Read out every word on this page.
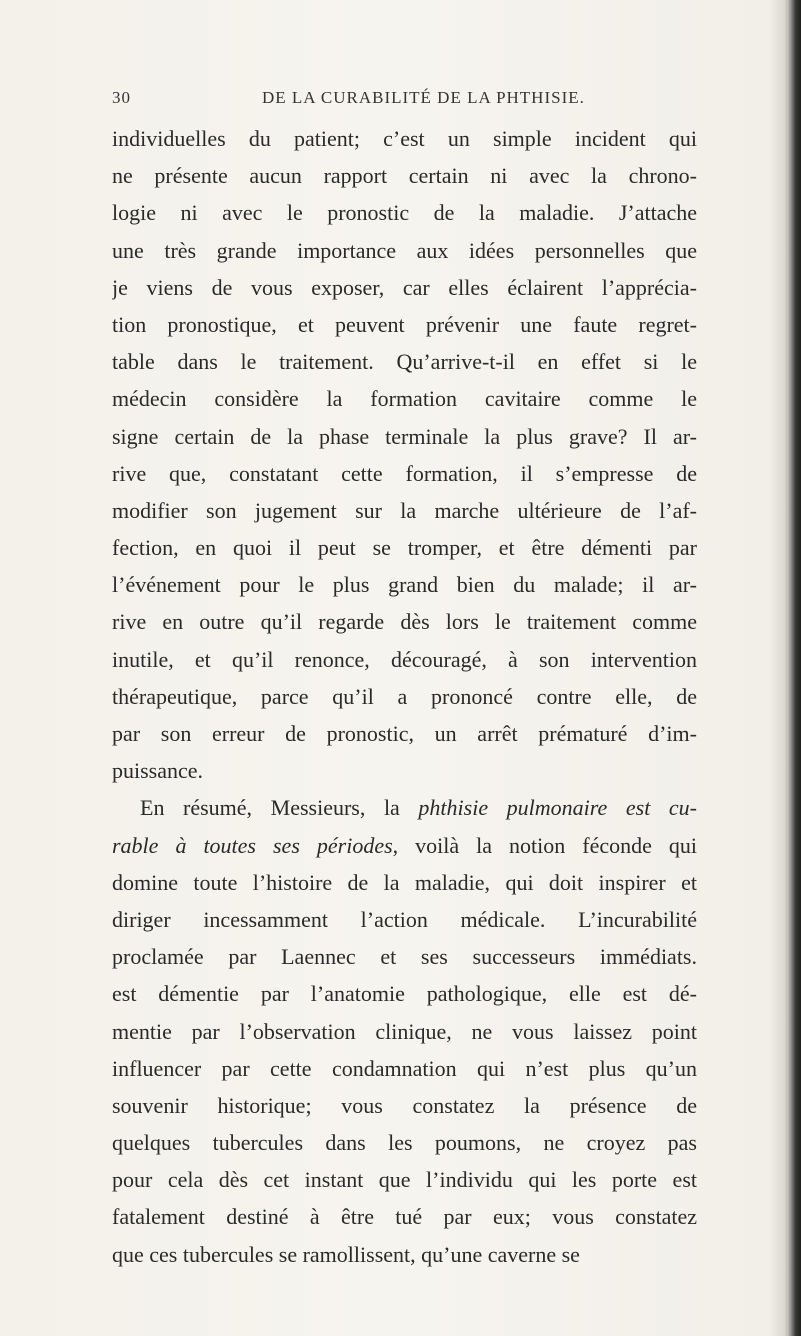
30	DE LA CURABILITÉ DE LA PHTHISIE.
individuelles du patient; c’est un simple incident qui
ne présente aucun rapport certain ni avec la chrono-
logie ni avec le pronostic de la maladie. J’attache
une très grande importance aux idées personnelles que
je viens de vous exposer, car elles éclairent l’apprécia-
tion pronostique, et peuvent prévenir une faute regret-
table dans le traitement. Qu’arrive-t-il en effet si le
médecin considère la formation cavitaire comme le
signe certain de la phase terminale la plus grave? Il ar-
rive que, constatant cette formation, il s’empresse de
modifier son jugement sur la marche ultérieure de l’af-
fection, en quoi il peut se tromper, et être démenti par
l’événement pour le plus grand bien du malade; il ar-
rive en outre qu’il regarde dès lors le traitement comme
inutile, et qu’il renonce, découragé, à son intervention
thérapeutique, parce qu’il a prononcé contre elle, de
par son erreur de pronostic, un arrêt prématuré d’im-
puissance.
En résumé, Messieurs, la phthisie pulmonaire est cu-
rable à toutes ses périodes, voilà la notion féconde qui
domine toute l’histoire de la maladie, qui doit inspirer et
diriger incessamment l’action médicale. L’incurabilité
proclamée par Laennec et ses successeurs immédiats.
est démentie par l’anatomie pathologique, elle est dé-
mentie par l’observation clinique, ne vous laissez point
influencer par cette condamnation qui n’est plus qu’un
souvenir historique; vous constatez la présence de
quelques tubercules dans les poumons, ne croyez pas
pour cela dès cet instant que l’individu qui les porte est
fatalement destiné à être tué par eux; vous constatez
que ces tubercules se ramollissent, qu’une caverne se
